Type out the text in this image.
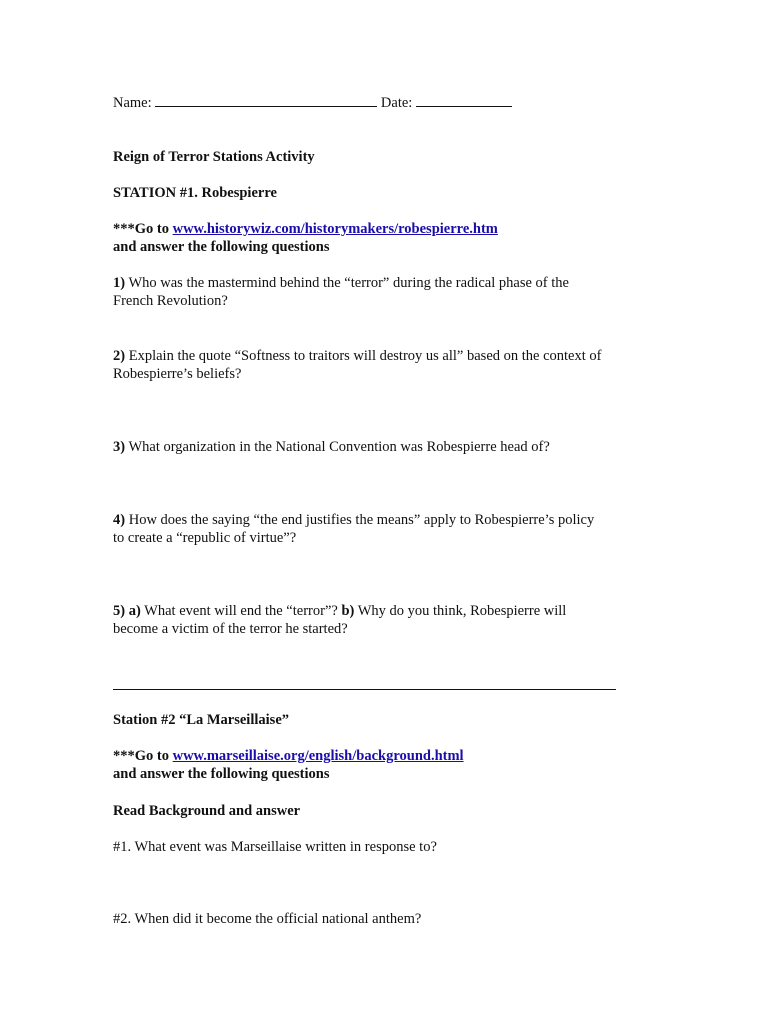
Name:	Date:
Reign of Terror Stations Activity
STATION #1. Robespierre
***Go to www.historywiz.com/historymakers/robespierre.htm
and answer the following questions
1) Who was the mastermind behind the “terror” during the radical phase of the
French Revolution?
2) Explain the quote “Softness to traitors will destroy us all” based on the context of
Robespierre’s beliefs?
3) What organization in the National Convention was Robespierre head of?
4) How does the saying “the end justifies the means” apply to Robespierre’s policy
to create a “republic of virtue”?
5) a) What event will end the “terror”? b) Why do you think, Robespierre will
become a victim of the terror he started?
Station #2 “La Marseillaise”
***Go to www.marseillaise.org/english/background.html
and answer the following questions
Read Background and answer
#1. What event was Marseillaise written in response to?
#2. When did it become the official national anthem?
